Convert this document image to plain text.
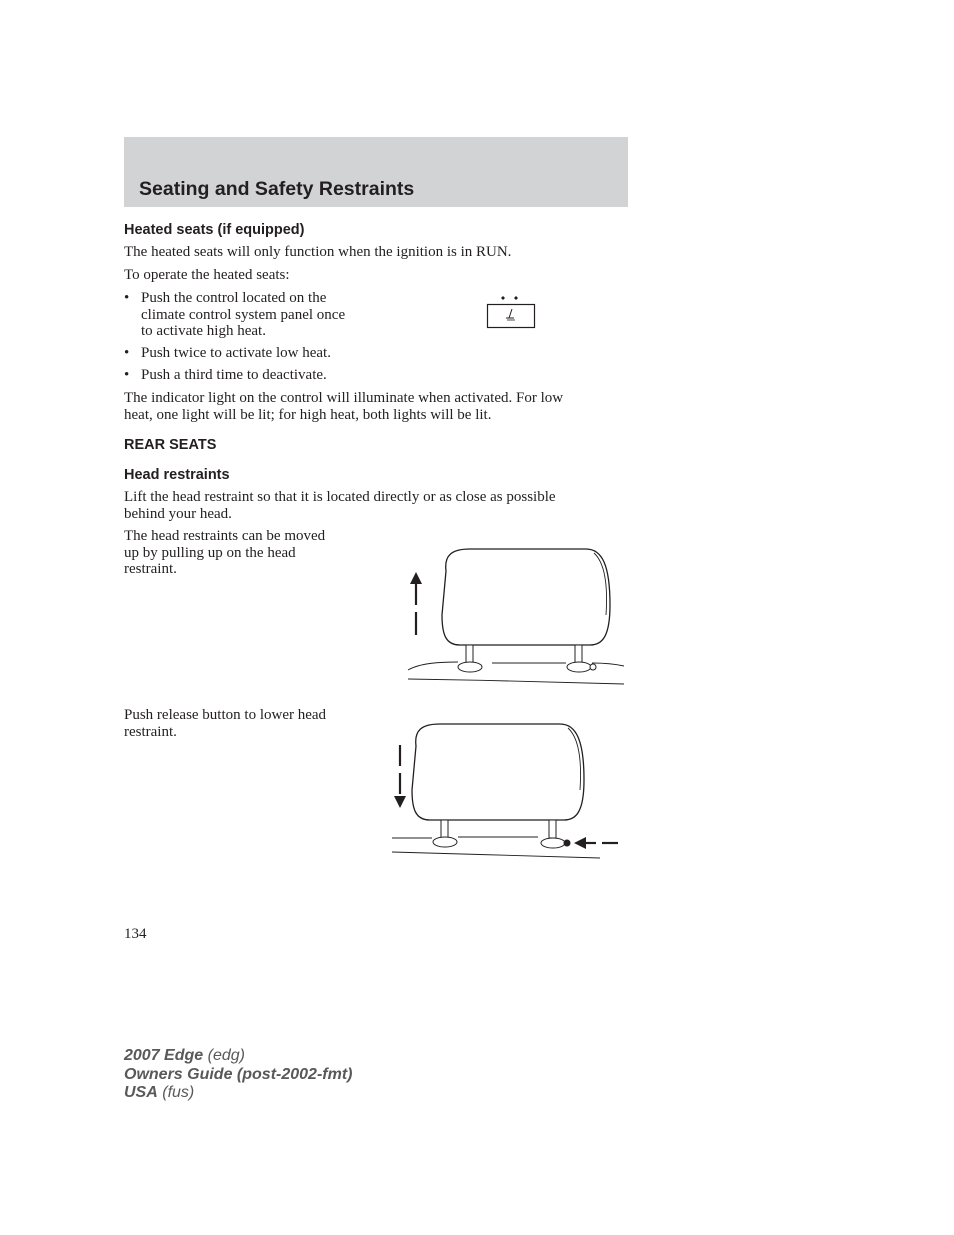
Seating and Safety Restraints
Heated seats (if equipped)

The heated seats will only function when the ignition is in RUN.

To operate the heated seats:

• Push the control located on the
climate control system panel once
to activate high heat.
• Push twice to activate low heat.
• Push a third time to deactivate.

The indicator light on the control will illuminate when activated. For low
heat, one light will be lit; for high heat, both lights will be lit.

REAR SEATS
Head restraints

Lift the head restraint so that it is located directly or as close as possible
behind your head.

The head restraints can be moved
up by pulling up on the head
restraint.

Push release button to lower head
restraint.

134
2007 Edge (edg)
Owners Guide (post-2002-fmt)
USA (fus)
